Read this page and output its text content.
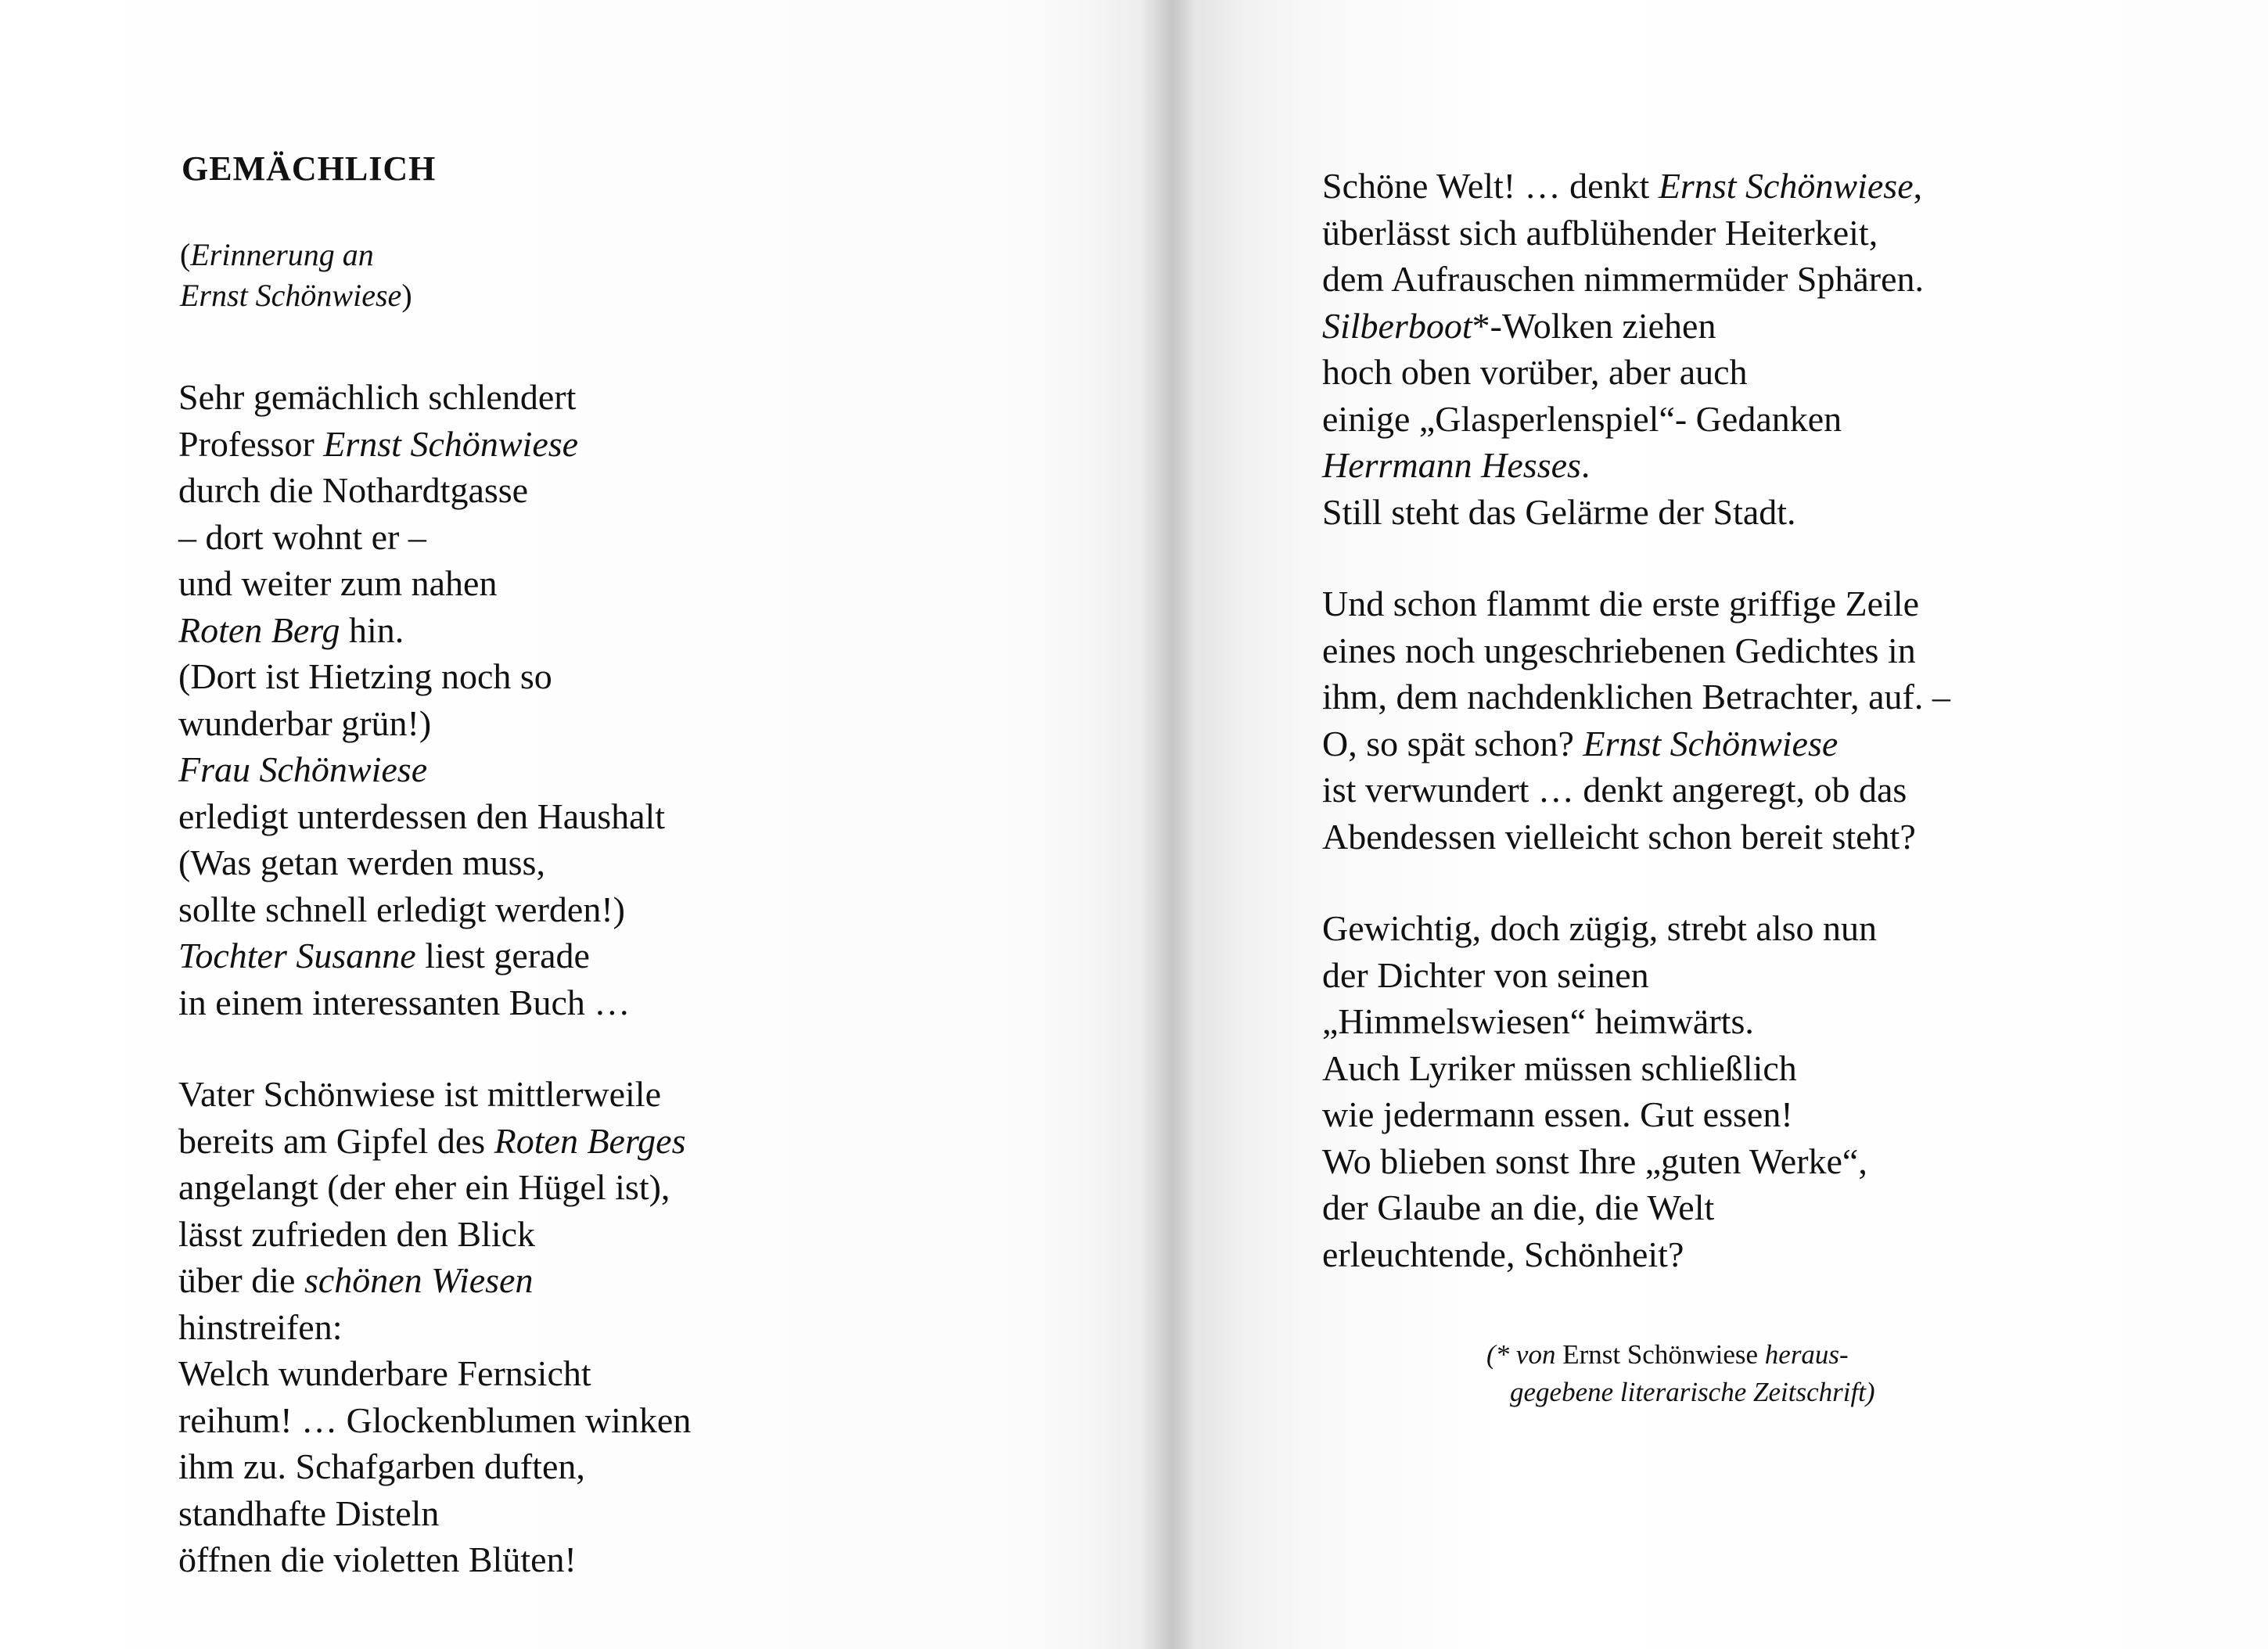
GEMÄCHLICH
(Erinnerung an
Ernst Schönwiese)
Sehr gemächlich schlendert
Professor Ernst Schönwiese
durch die Nothardtgasse
– dort wohnt er –
und weiter zum nahen
Roten Berg hin.
(Dort ist Hietzing noch so
wunderbar grün!)
Frau Schönwiese
erledigt unterdessen den Haushalt
(Was getan werden muss,
sollte schnell erledigt werden!)
Tochter Susanne liest gerade
in einem interessanten Buch …
Vater Schönwiese ist mittlerweile
bereits am Gipfel des Roten Berges
angelangt (der eher ein Hügel ist),
lässt zufrieden den Blick
über die schönen Wiesen
hinstreifen:
Welch wunderbare Fernsicht
reihum! … Glockenblumen winken
ihm zu. Schafgarben duften,
standhafte Disteln
öffnen die violetten Blüten!
Schöne Welt! … denkt Ernst Schönwiese,
überlässt sich aufblühender Heiterkeit,
dem Aufrauschen nimmermüder Sphären.
Silberboot*-Wolken ziehen
hoch oben vorüber, aber auch
einige „Glasperlenspiel“- Gedanken
Herrmann Hesses.
Still steht das Gelärme der Stadt.
Und schon flammt die erste griffige Zeile
eines noch ungeschriebenen Gedichtes in
ihm, dem nachdenklichen Betrachter, auf. –
O, so spät schon? Ernst Schönwiese
ist verwundert … denkt angeregt, ob das
Abendessen vielleicht schon bereit steht?
Gewichtig, doch zügig, strebt also nun
der Dichter von seinen
„Himmelswiesen“ heimwärts.
Auch Lyriker müssen schließlich
wie jedermann essen. Gut essen!
Wo blieben sonst Ihre „guten Werke“,
der Glaube an die, die Welt
erleuchtende, Schönheit?
(* von Ernst Schönwiese heraus-
gegebene literarische Zeitschrift)
